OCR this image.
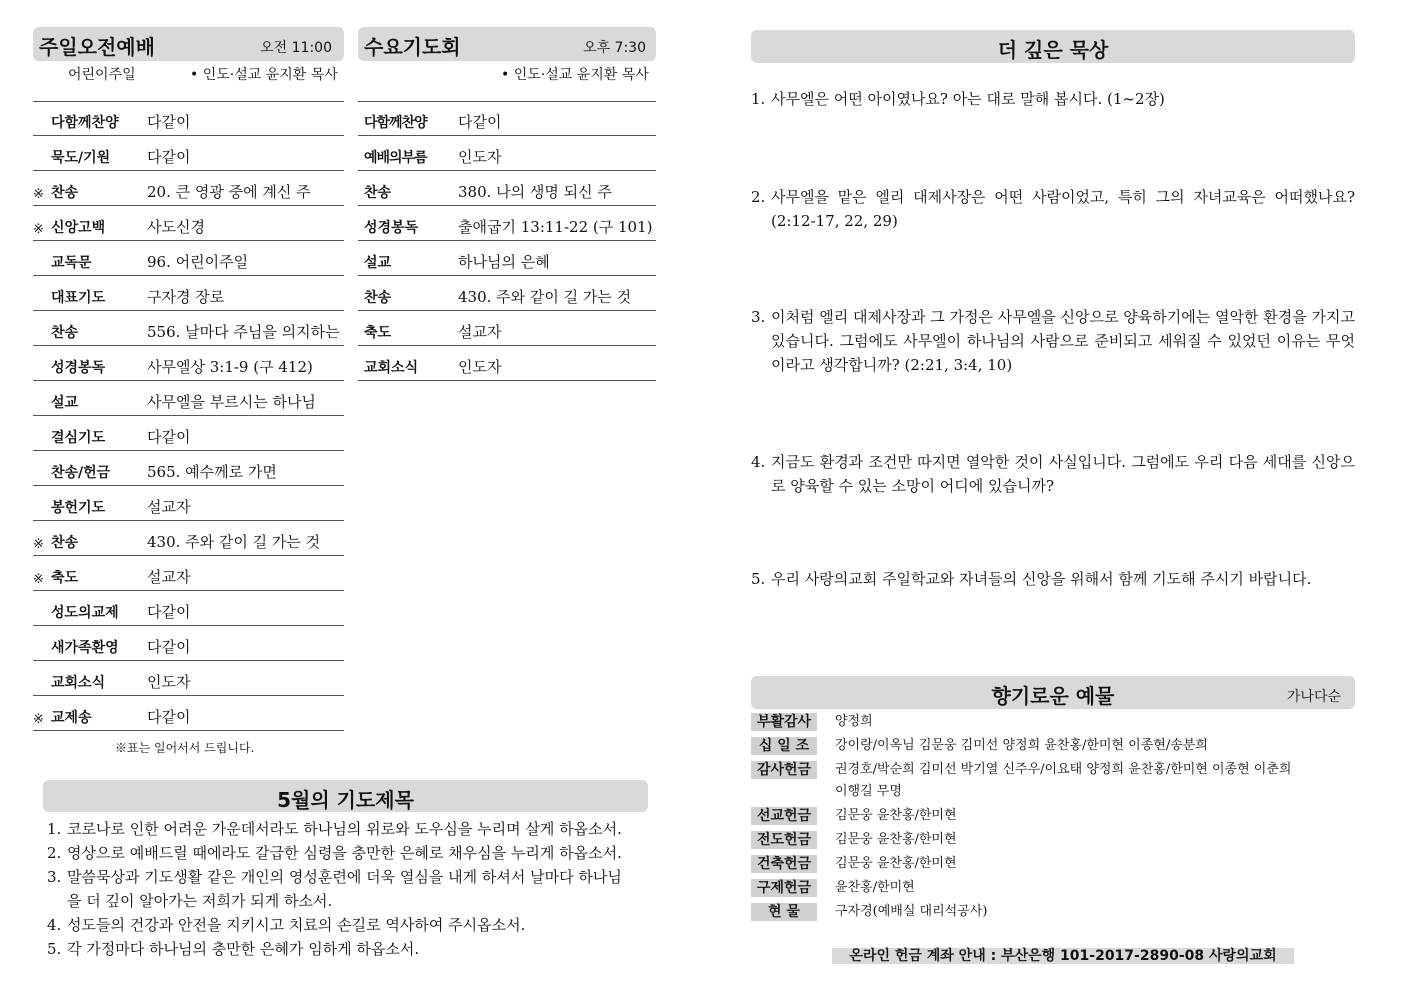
주일오전예배	오전 11:00
어린이주일	• 인도·설교 윤지환 목사
다함께찬양	다같이
묵도/기원	다같이
※ 찬송	20. 큰 영광 중에 계신 주
※ 신앙고백	사도신경
교독문	96. 어린이주일
대표기도	구자경 장로
찬송	556. 날마다 주님을 의지하는
성경봉독	사무엘상 3:1-9 (구 412)
설교	사무엘을 부르시는 하나님
결심기도	다같이
찬송/헌금	565. 예수께로 가면
봉헌기도	설교자
※ 찬송	430. 주와 같이 길 가는 것
※ 축도	설교자
성도의교제	다같이
새가족환영	다같이
교회소식	인도자
※ 교제송	다같이
※표는 일어서서 드립니다.
수요기도회	오후 7:30
• 인도·설교 윤지환 목사
다함께찬양	다같이
예배의부름	인도자
찬송	380. 나의 생명 되신 주
성경봉독	출애굽기 13:11-22 (구 101)
설교	하나님의 은혜
찬송	430. 주와 같이 길 가는 것
축도	설교자
교회소식	인도자
5월의 기도제목
1. 코로나로 인한 어려운 가운데서라도 하나님의 위로와 도우심을 누리며 살게 하옵소서.
2. 영상으로 예배드릴 때에라도 갈급한 심령을 충만한 은혜로 채우심을 누리게 하옵소서.
3. 말씀묵상과 기도생활 같은 개인의 영성훈련에 더욱 열심을 내게 하셔서 날마다 하나님을 더 깊이 알아가는 저희가 되게 하소서.
4. 성도들의 건강과 안전을 지키시고 치료의 손길로 역사하여 주시옵소서.
5. 각 가정마다 하나님의 충만한 은혜가 임하게 하옵소서.
더 깊은 묵상
1. 사무엘은 어떤 아이였나요? 아는 대로 말해 봅시다. (1~2장)
2. 사무엘을 맡은 엘리 대제사장은 어떤 사람이었고, 특히 그의 자녀교육은 어떠했나요? (2:12-17, 22, 29)
3. 이처럼 엘리 대제사장과 그 가정은 사무엘을 신앙으로 양육하기에는 열악한 환경을 가지고 있습니다. 그럼에도 사무엘이 하나님의 사람으로 준비되고 세워질 수 있었던 이유는 무엇이라고 생각합니까? (2:21, 3:4, 10)
4. 지금도 환경과 조건만 따지면 열악한 것이 사실입니다. 그럼에도 우리 다음 세대를 신앙으로 양육할 수 있는 소망이 어디에 있습니까?
5. 우리 사랑의교회 주일학교와 자녀들의 신앙을 위해서 함께 기도해 주시기 바랍니다.
향기로운 예물	가나다순
부활감사	양정희
십 일 조	강이랑/이옥님 김문웅 김미선 양정희 윤찬홍/한미현 이종현/송분희
감사헌금	권경호/박순희 김미선 박기열 신주우/이요태 양정희 윤찬홍/한미현 이종현 이춘희
이행길 무명
선교헌금	김문웅 윤찬홍/한미현
전도헌금	김문웅 윤찬홍/한미현
건축헌금	김문웅 윤찬홍/한미현
구제헌금	윤찬홍/한미현
현 물	구자경(예배실 대리석공사)
온라인 헌금 계좌 안내 : 부산은행 101-2017-2890-08 사랑의교회
